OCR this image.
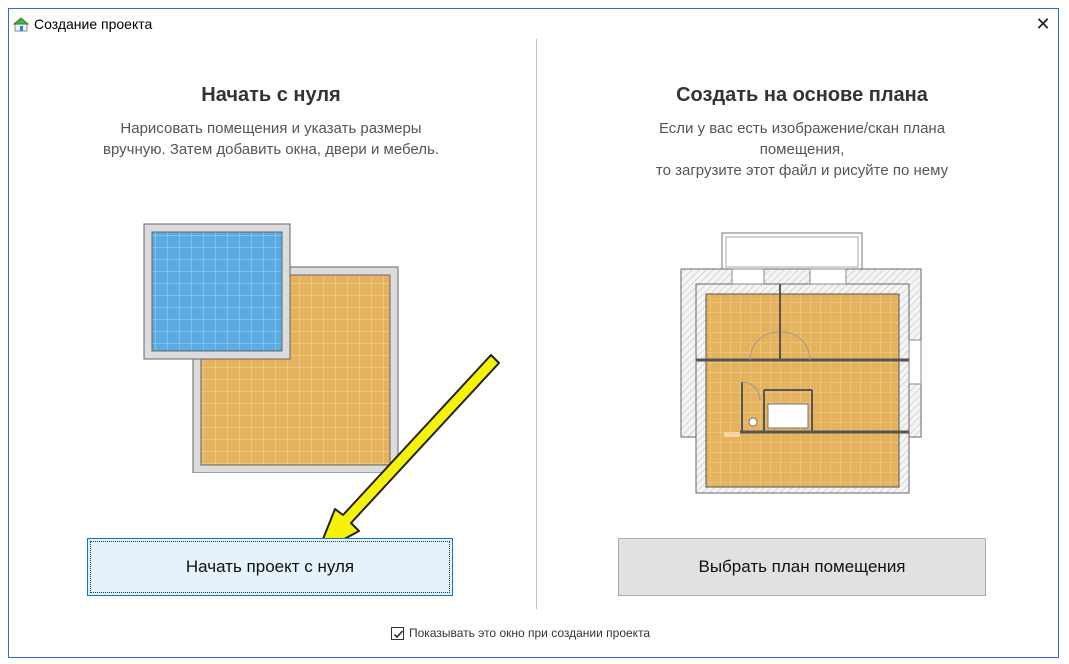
Создание проекта	✕
Начать с нуля
Нарисовать помещения и указать размеры
вручную. Затем добавить окна, двери и мебель.
Начать проект с нуля
Создать на основе плана
Если у вас есть изображение/скан плана
помещения,
то загрузите этот файл и рисуйте по нему
Выбрать план помещения
Показывать это окно при создании проекта
